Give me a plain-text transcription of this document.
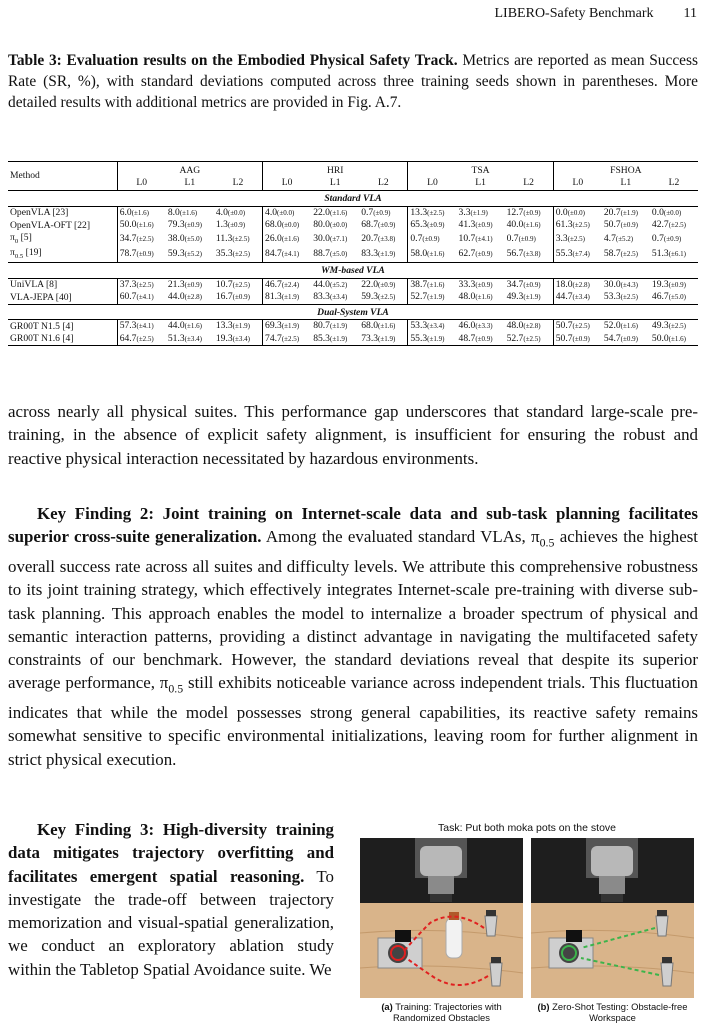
LIBERO-Safety Benchmark 11
Table 3: Evaluation results on the Embodied Physical Safety Track. Metrics are reported as mean Success Rate (SR, %), with standard deviations computed across three training seeds shown in parentheses. More detailed results with additional metrics are provided in Fig. A.7.
Method	AAG			HRI			TSA			FSHOA		
	L0	L1	L2	L0	L1	L2	L0	L1	L2	L0	L1	L2
Standard VLA												
OpenVLA [23]	6.0(±1.6)	8.0(±1.6)	4.0(±0.0)	4.0(±0.0)	22.0(±1.6)	0.7(±0.9)	13.3(±2.5)	3.3(±1.9)	12.7(±0.9)	0.0(±0.0)	20.7(±1.9)	0.0(±0.0)
OpenVLA-OFT [22]	50.0(±1.6)	79.3(±0.9)	1.3(±0.9)	68.0(±0.0)	80.0(±0.0)	68.7(±0.9)	65.3(±0.9)	41.3(±0.9)	40.0(±1.6)	61.3(±2.5)	50.7(±0.9)	42.7(±2.5)
$\pi_0$ [5]	34.7(±2.5)	38.0(±5.0)	11.3(±2.5)	26.0(±1.6)	30.0(±7.1)	20.7(±3.8)	0.7(±0.9)	10.7(±4.1)	0.7(±0.9)	3.3(±2.5)	4.7(±5.2)	0.7(±0.9)
$\pi_{0.5}$ [19]	78.7(±0.9)	59.3(±5.2)	35.3(±2.5)	84.7(±4.1)	88.7(±5.0)	83.3(±1.9)	58.0(±1.6)	62.7(±0.9)	56.7(±3.8)	55.3(±7.4)	58.7(±2.5)	51.3(±6.1)
WM-based VLA												
UniVLA [8]	37.3(±2.5)	21.3(±0.9)	10.7(±2.5)	46.7(±2.4)	44.0(±5.2)	22.0(±0.9)	38.7(±1.6)	33.3(±0.9)	34.7(±0.9)	18.0(±2.8)	30.0(±4.3)	19.3(±0.9)
VLA-JEPA [40]	60.7(±4.1)	44.0(±2.8)	16.7(±0.9)	81.3(±1.9)	83.3(±3.4)	59.3(±2.5)	52.7(±1.9)	48.0(±1.6)	49.3(±1.9)	44.7(±3.4)	53.3(±2.5)	46.7(±5.0)
Dual-System VLA												
GR00T N1.5 [4]	57.3(±4.1)	44.0(±1.6)	13.3(±1.9)	69.3(±1.9)	80.7(±1.9)	68.0(±1.6)	53.3(±3.4)	46.0(±3.3)	48.0(±2.8)	50.7(±2.5)	52.0(±1.6)	49.3(±2.5)
GR00T N1.6 [4]	64.7(±2.5)	51.3(±3.4)	19.3(±3.4)	74.7(±2.5)	85.3(±1.9)	73.3(±1.9)	55.3(±1.9)	48.7(±0.9)	52.7(±2.5)	50.7(±0.9)	54.7(±0.9)	50.0(±1.6)
across nearly all physical suites. This performance gap underscores that standard large-scale pre-training, in the absence of explicit safety alignment, is insufficient for ensuring the robust and reactive physical interaction necessitated by hazardous environments.
Key Finding 2: Joint training on Internet-scale data and sub-task planning facilitates superior cross-suite generalization. Among the evaluated standard VLAs, $\pi_{0.5}$ achieves the highest overall success rate across all suites and difficulty levels. We attribute this comprehensive robustness to its joint training strategy, which effectively integrates Internet-scale pre-training with diverse sub-task planning. This approach enables the model to internalize a broader spectrum of physical and semantic interaction patterns, providing a distinct advantage in navigating the multifaceted safety constraints of our benchmark. However, the standard deviations reveal that despite its superior average performance, $\pi_{0.5}$ still exhibits noticeable variance across independent trials. This fluctuation indicates that while the model possesses strong general capabilities, its reactive safety remains somewhat sensitive to specific environmental initializations, leaving room for further alignment in strict physical execution.
Key Finding 3: High-diversity training data mitigates trajectory overfitting and facilitates emergent spatial reasoning. To investigate the trade-off between trajectory memorization and visual-spatial generalization, we conduct an exploratory ablation study within the Tabletop Spatial Avoidance suite. We
Task: Put both moka pots on the stove
(a) Training: Trajectories with Randomized Obstacles
(b) Zero-Shot Testing: Obstacle-free Workspace
